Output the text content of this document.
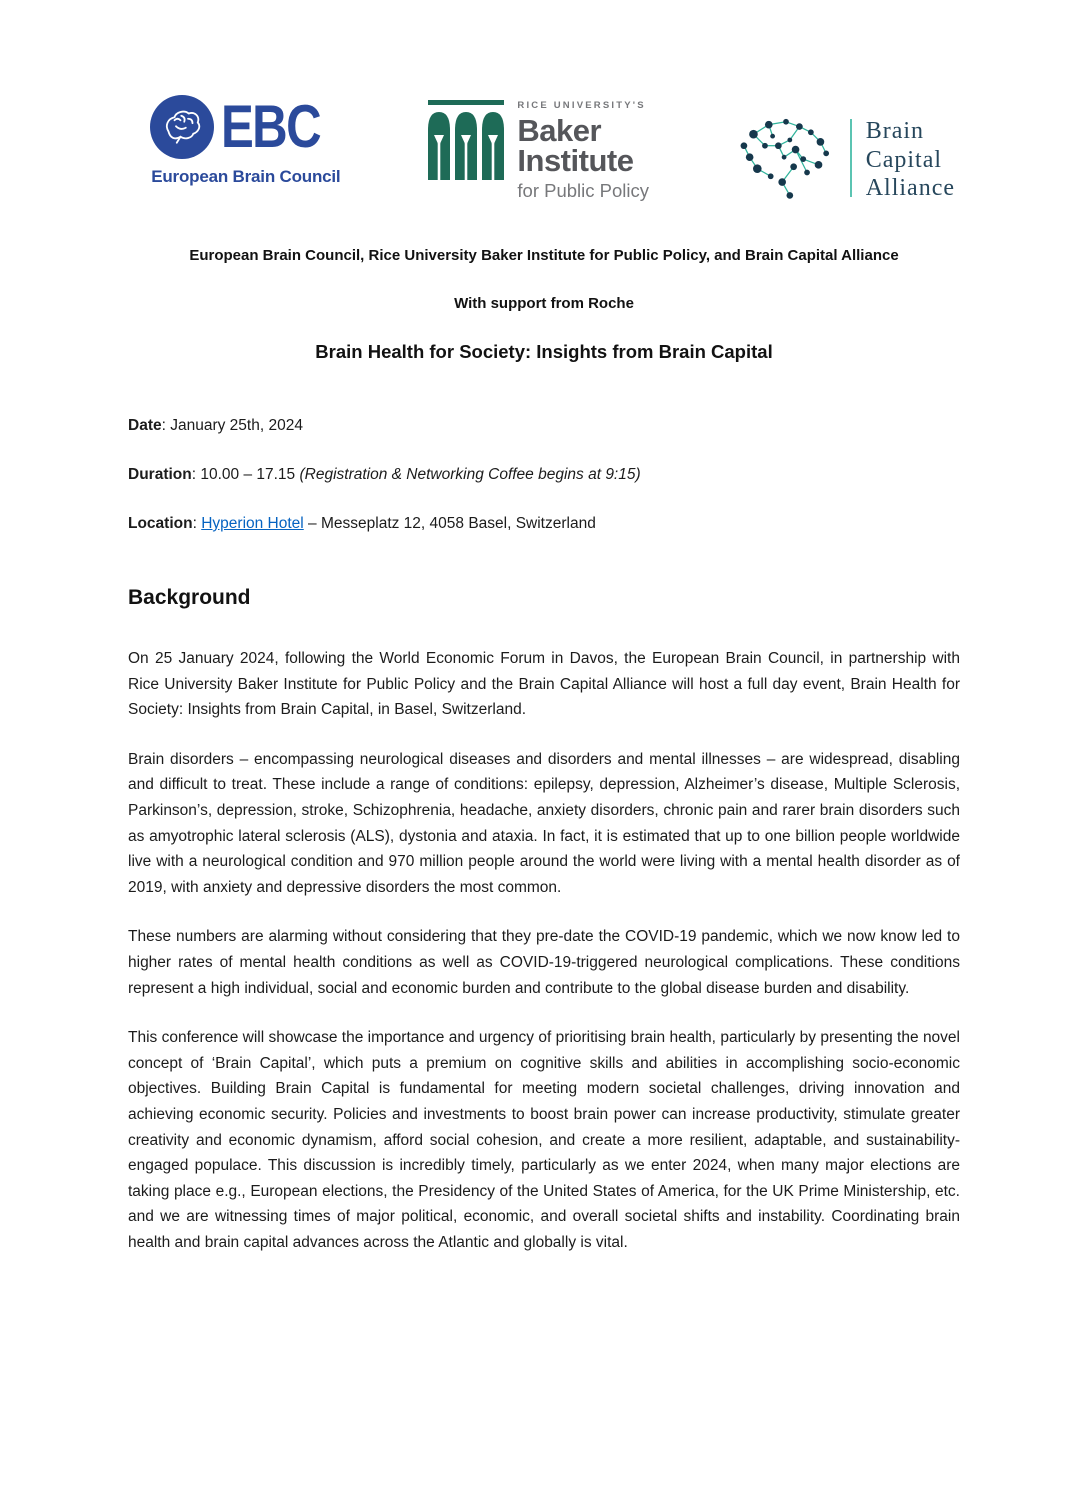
EBC
European Brain Council
RICE UNIVERSITY'S
Baker
Institute
for Public Policy
Brain
Capital
Alliance
European Brain Council, Rice University Baker Institute for Public Policy, and Brain Capital Alliance
With support from Roche
Brain Health for Society: Insights from Brain Capital
Date: January 25th, 2024
Duration: 10.00 – 17.15 (Registration & Networking Coffee begins at 9:15)
Location: Hyperion Hotel – Messeplatz 12, 4058 Basel, Switzerland
Background

On 25 January 2024, following the World Economic Forum in Davos, the European Brain Council, in partnership with Rice University Baker Institute for Public Policy and the Brain Capital Alliance will host a full day event, Brain Health for Society: Insights from Brain Capital, in Basel, Switzerland.

Brain disorders – encompassing neurological diseases and disorders and mental illnesses – are widespread, disabling and difficult to treat. These include a range of conditions: epilepsy, depression, Alzheimer’s disease, Multiple Sclerosis, Parkinson’s, depression, stroke, Schizophrenia, headache, anxiety disorders, chronic pain and rarer brain disorders such as amyotrophic lateral sclerosis (ALS), dystonia and ataxia. In fact, it is estimated that up to one billion people worldwide live with a neurological condition and 970 million people around the world were living with a mental health disorder as of 2019, with anxiety and depressive disorders the most common.

These numbers are alarming without considering that they pre-date the COVID-19 pandemic, which we now know led to higher rates of mental health conditions as well as COVID-19-triggered neurological complications. These conditions represent a high individual, social and economic burden and contribute to the global disease burden and disability.

This conference will showcase the importance and urgency of prioritising brain health, particularly by presenting the novel concept of ‘Brain Capital’, which puts a premium on cognitive skills and abilities in accomplishing socio-economic objectives. Building Brain Capital is fundamental for meeting modern societal challenges, driving innovation and achieving economic security. Policies and investments to boost brain power can increase productivity, stimulate greater creativity and economic dynamism, afford social cohesion, and create a more resilient, adaptable, and sustainability-engaged populace. This discussion is incredibly timely, particularly as we enter 2024, when many major elections are taking place e.g., European elections, the Presidency of the United States of America, for the UK Prime Ministership, etc. and we are witnessing times of major political, economic, and overall societal shifts and instability. Coordinating brain health and brain capital advances across the Atlantic and globally is vital.
